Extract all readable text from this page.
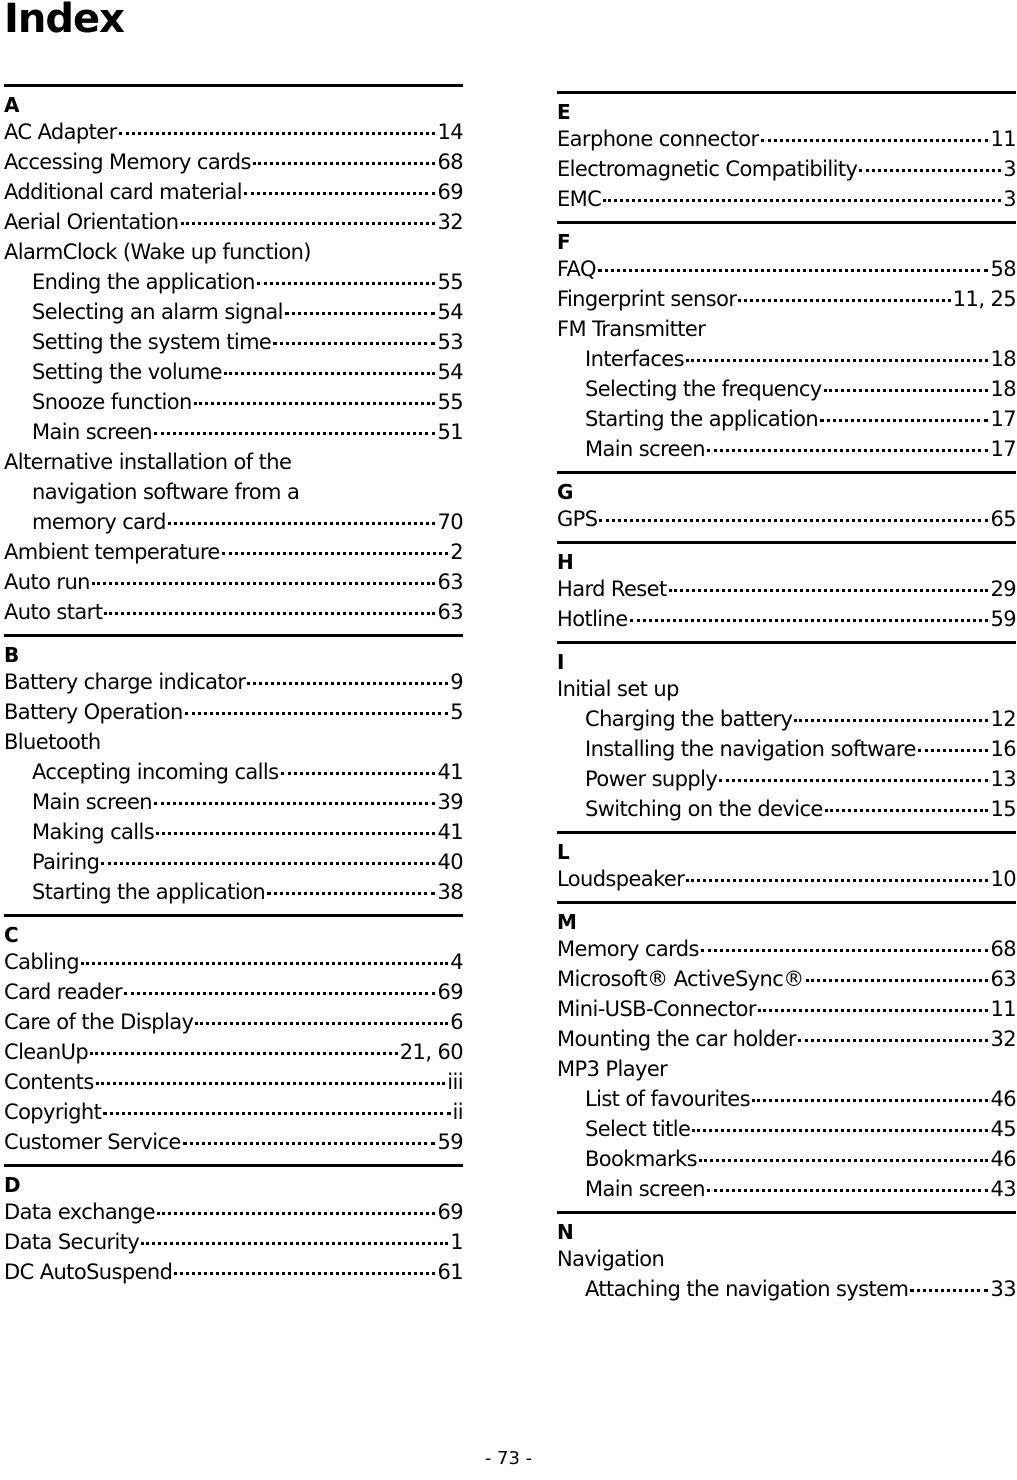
Index
A
AC Adapter	14
Accessing Memory cards	68
Additional card material	69
Aerial Orientation	32
AlarmClock (Wake up function)
Ending the application	55
Selecting an alarm signal	54
Setting the system time	53
Setting the volume	54
Snooze function	55
Main screen	51
Alternative installation of the
navigation software from a
memory card	70
Ambient temperature	2
Auto run	63
Auto start	63
B
Battery charge indicator	9
Battery Operation	5
Bluetooth
Accepting incoming calls	41
Main screen	39
Making calls	41
Pairing	40
Starting the application	38
C
Cabling	4
Card reader	69
Care of the Display	6
CleanUp	21, 60
Contents	iii
Copyright	ii
Customer Service	59
D
Data exchange	69
Data Security	1
DC AutoSuspend	61
E
Earphone connector	11
Electromagnetic Compatibility	3
EMC	3
F
FAQ	58
Fingerprint sensor	11, 25
FM Transmitter
Interfaces	18
Selecting the frequency	18
Starting the application	17
Main screen	17
G
GPS	65
H
Hard Reset	29
Hotline	59
I
Initial set up
Charging the battery	12
Installing the navigation software	16
Power supply	13
Switching on the device	15
L
Loudspeaker	10
M
Memory cards	68
Microsoft® ActiveSync®	63
Mini-USB-Connector	11
Mounting the car holder	32
MP3 Player
List of favourites	46
Select title	45
Bookmarks	46
Main screen	43
N
Navigation
Attaching the navigation system	33
- 73 -
